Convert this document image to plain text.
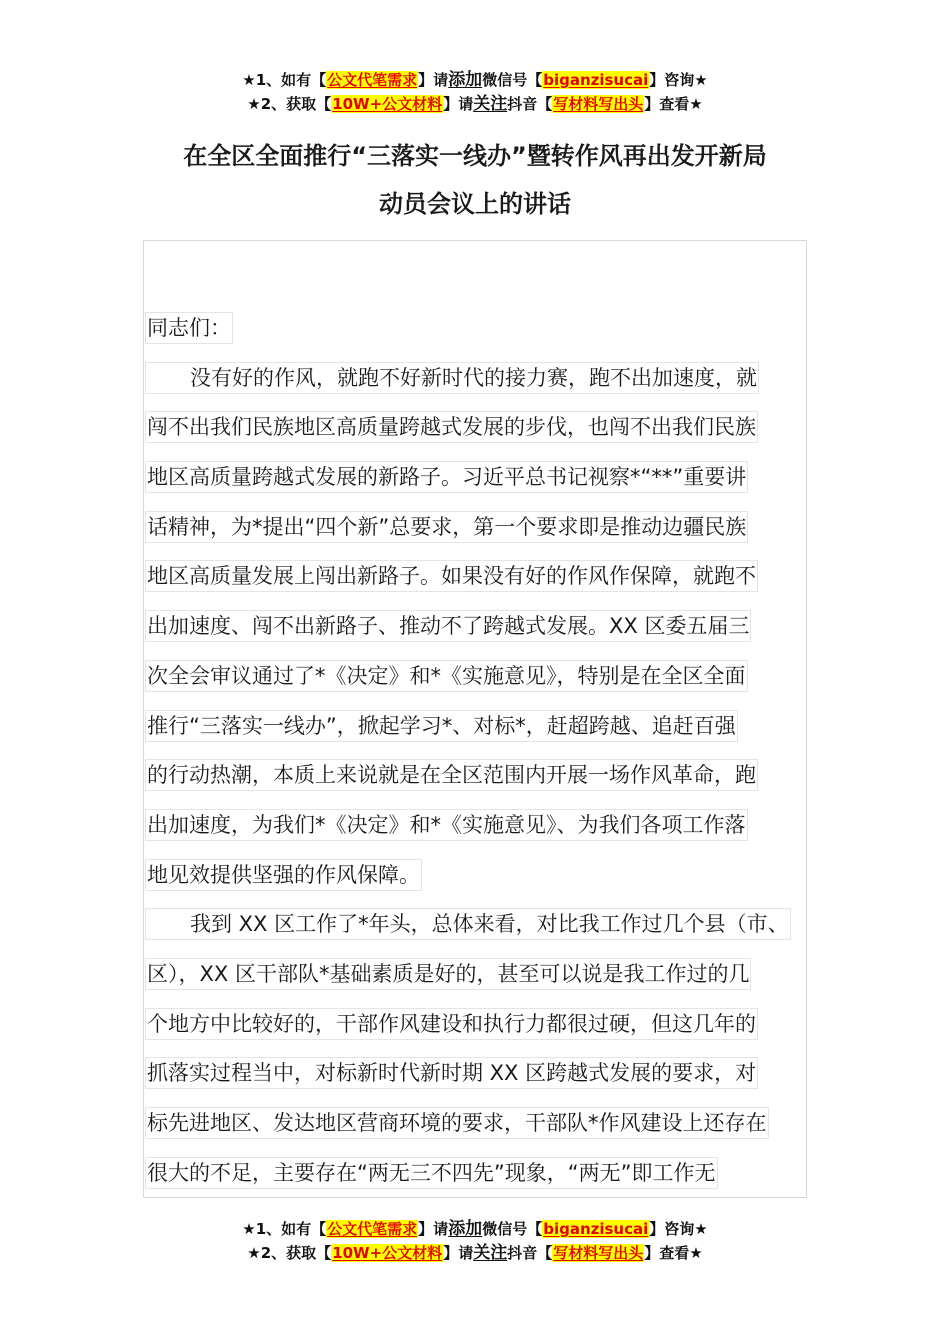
★1、如有【公文代笔需求】请添加微信号【biganzisucai】咨询★
★2、获取【10W+公文材料】请关注抖音【写材料写出头】查看★
在全区全面推行“三落实一线办”暨转作风再出发开新局
动员会议上的讲话
同志们：
没有好的作风，就跑不好新时代的接力赛，跑不出加速度，就
闯不出我们民族地区高质量跨越式发展的步伐，也闯不出我们民族
地区高质量跨越式发展的新路子。习近平总书记视察*“**”重要讲
话精神，为*提出“四个新”总要求，第一个要求即是推动边疆民族
地区高质量发展上闯出新路子。如果没有好的作风作保障，就跑不
出加速度、闯不出新路子、推动不了跨越式发展。XX 区委五届三
次全会审议通过了*《决定》和*《实施意见》，特别是在全区全面
推行“三落实一线办”，掀起学习*、对标*，赶超跨越、追赶百强
的行动热潮，本质上来说就是在全区范围内开展一场作风革命，跑
出加速度，为我们*《决定》和*《实施意见》、为我们各项工作落
地见效提供坚强的作风保障。
我到 XX 区工作了*年头，总体来看，对比我工作过几个县（市、
区），XX 区干部队*基础素质是好的，甚至可以说是我工作过的几
个地方中比较好的，干部作风建设和执行力都很过硬，但这几年的
抓落实过程当中，对标新时代新时期 XX 区跨越式发展的要求，对
标先进地区、发达地区营商环境的要求，干部队*作风建设上还存在
很大的不足，主要存在“两无三不四先”现象，“两无”即工作无
★1、如有【公文代笔需求】请添加微信号【biganzisucai】咨询★
★2、获取【10W+公文材料】请关注抖音【写材料写出头】查看★
